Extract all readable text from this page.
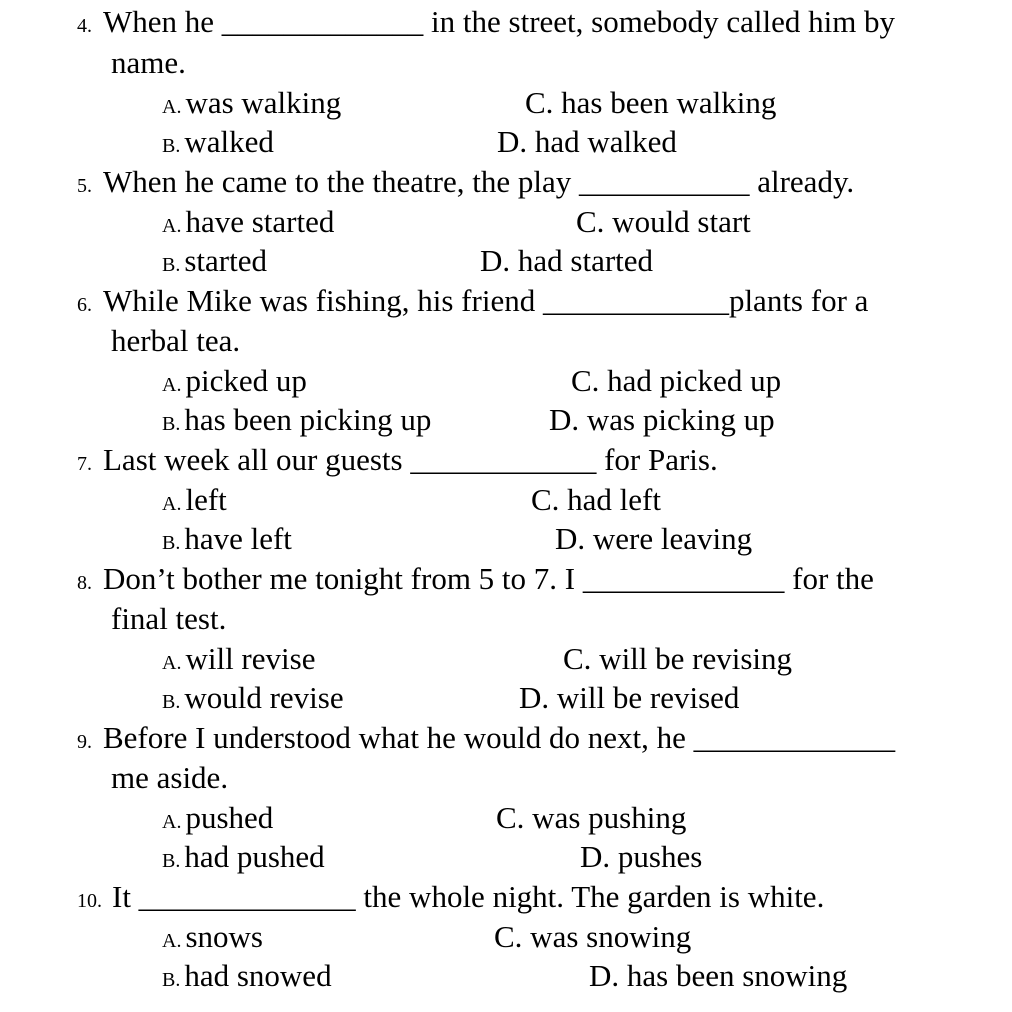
4. When he _____________ in the street, somebody called him by
name.
A. was walking	C. has been walking
B. walked	D. had walked
5. When he came to the theatre, the play ___________ already.
A. have started	C. would start
B. started	D. had started
6. While Mike was fishing, his friend ____________plants for a
herbal tea.
A. picked up	C. had picked up
B. has been picking up	D. was picking up
7. Last week all our guests ____________ for Paris.
A. left	C. had left
B. have left	D. were leaving
8. Don’t bother me tonight from 5 to 7. I _____________ for the
final test.
A. will revise	C. will be revising
B. would revise	D. will be revised
9. Before I understood what he would do next, he _____________
me aside.
A. pushed	C. was pushing
B. had pushed	D. pushes
10. It ______________ the whole night. The garden is white.
A. snows	C. was snowing
B. had snowed	D. has been snowing
